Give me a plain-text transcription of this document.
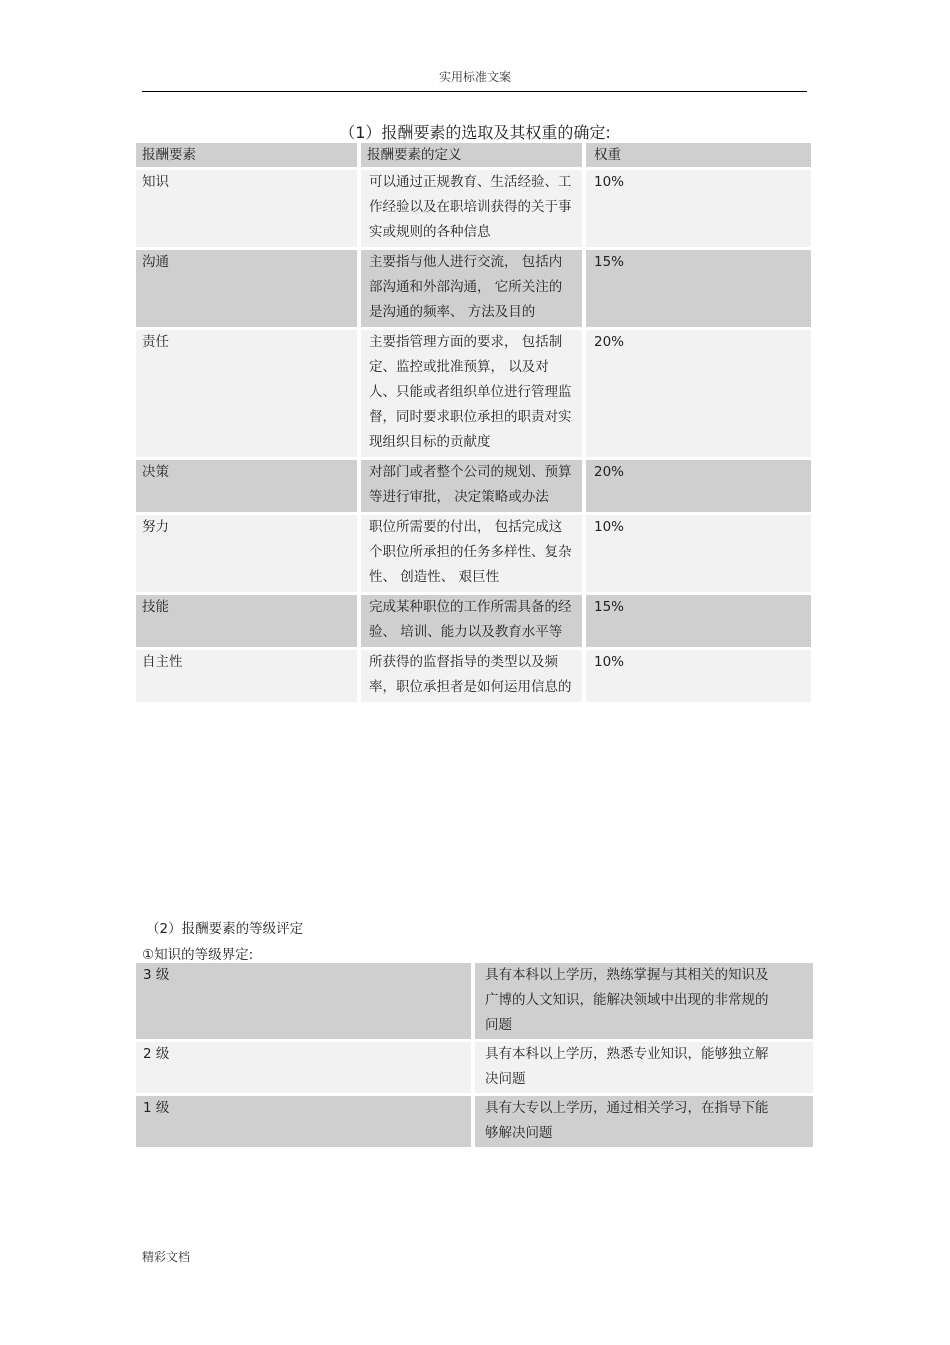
实用标准文案
（1）报酬要素的选取及其权重的确定:
报酬要素	报酬要素的定义	权重
知识	可以通过正规教育、生活经验、工作经验以及在职培训获得的关于事实或规则的各种信息	10%
沟通	主要指与他人进行交流， 包括内部沟通和外部沟通， 它所关注的是沟通的频率、 方法及目的	15%
责任	主要指管理方面的要求， 包括制定、监控或批准预算， 以及对人、只能或者组织单位进行管理监督，同时要求职位承担的职责对实现组织目标的贡献度	20%
决策	对部门或者整个公司的规划、预算等进行审批， 决定策略或办法	20%
努力	职位所需要的付出， 包括完成这个职位所承担的任务多样性、复杂性、 创造性、 艰巨性	10%
技能	完成某种职位的工作所需具备的经验、 培训、能力以及教育水平等	15%
自主性	所获得的监督指导的类型以及频率，职位承担者是如何运用信息的	10%
（2）报酬要素的等级评定
①知识的等级界定:
3 级	具有本科以上学历，熟练掌握与其相关的知识及广博的人文知识，能解决领域中出现的非常规的问题
2 级	具有本科以上学历，熟悉专业知识，能够独立解决问题
1 级	具有大专以上学历，通过相关学习，在指导下能够解决问题
精彩文档
